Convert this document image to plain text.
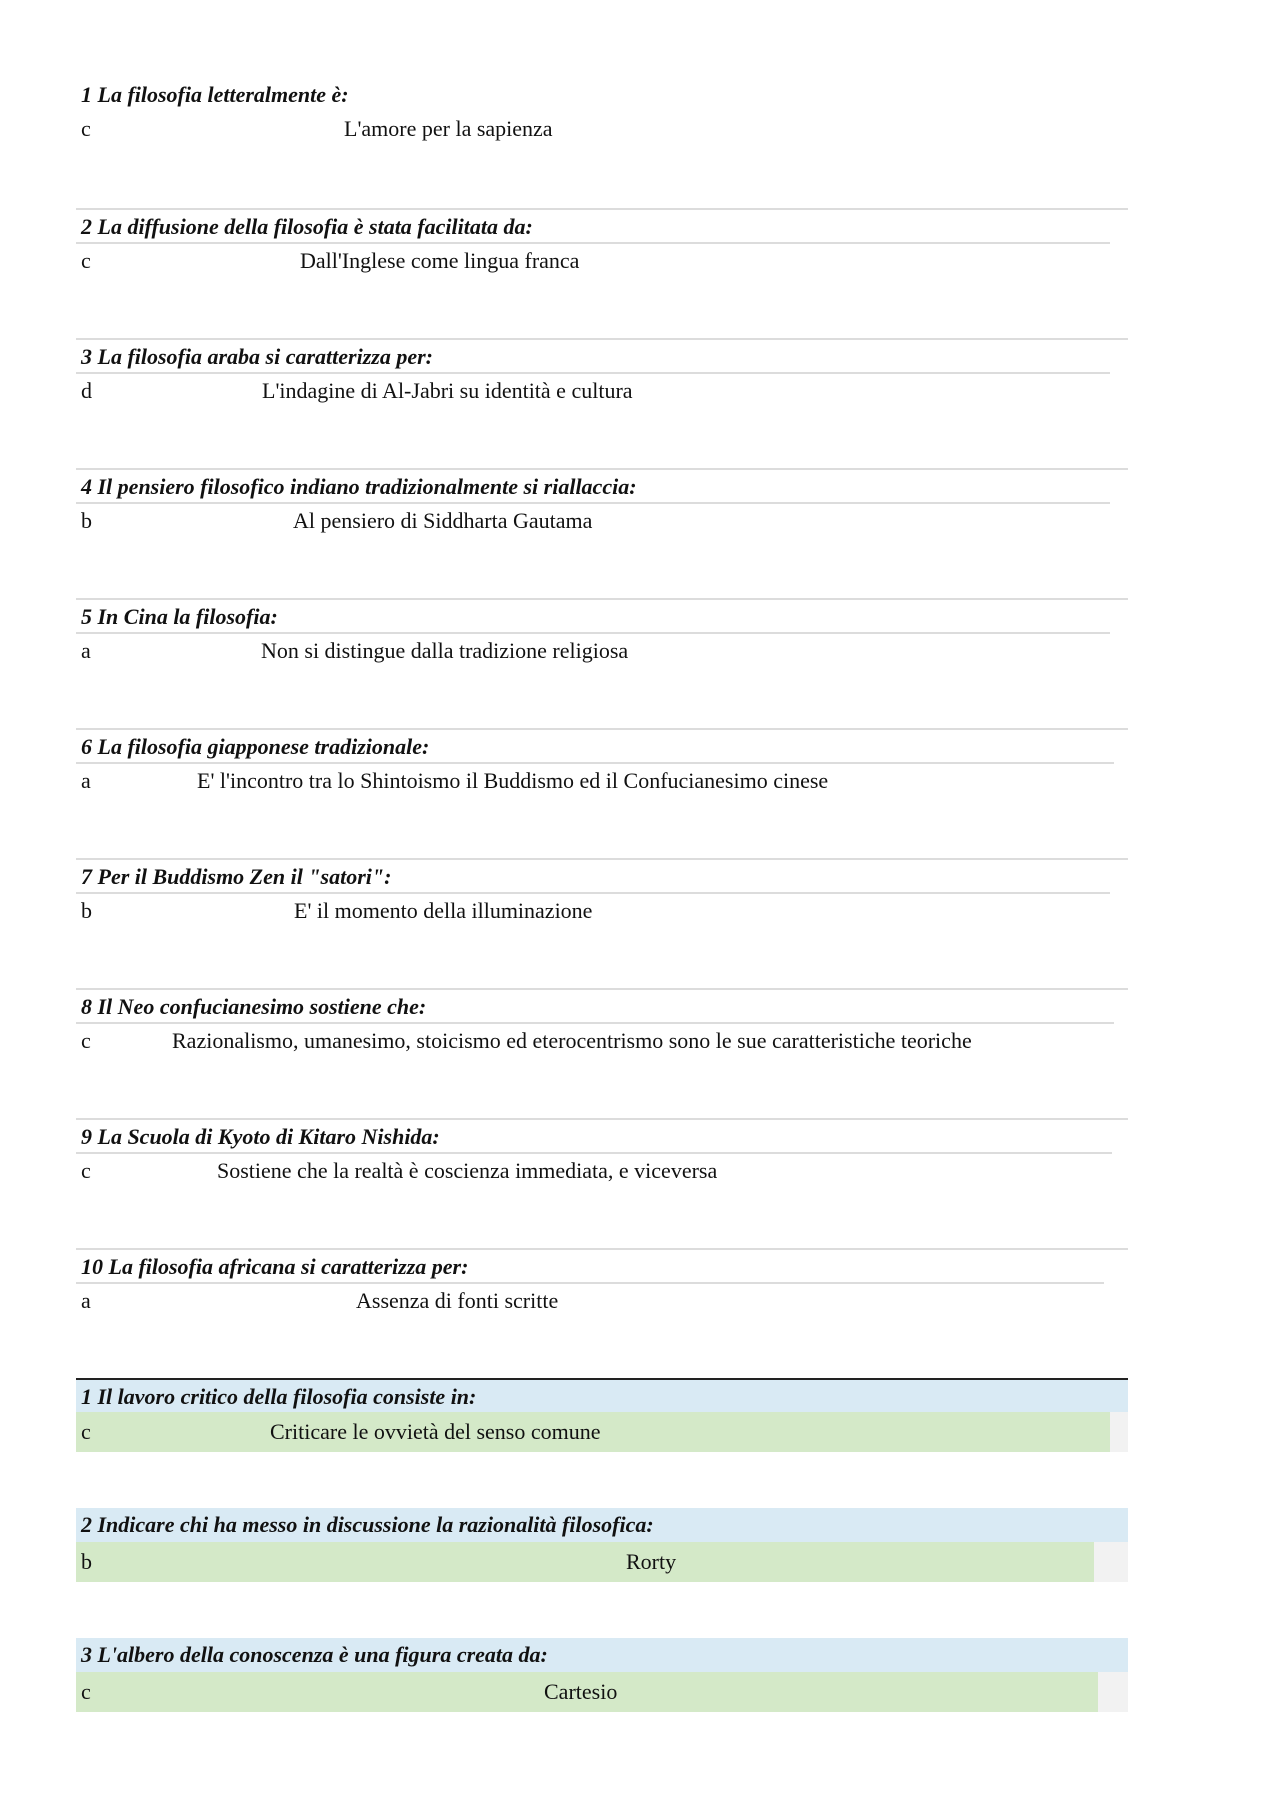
1 La filosofia letteralmente è:
c	L'amore per la sapienza
2 La diffusione della filosofia è stata facilitata da:
c	Dall'Inglese come lingua franca
3 La filosofia araba si caratterizza per:
d	L'indagine di Al-Jabri su identità e cultura
4 Il pensiero filosofico indiano tradizionalmente si riallaccia:
b	Al pensiero di Siddharta Gautama
5 In Cina la filosofia:
a	Non si distingue dalla tradizione religiosa
6 La filosofia giapponese tradizionale:
a	E' l'incontro tra lo Shintoismo il Buddismo ed il Confucianesimo cinese
7 Per il Buddismo Zen il "satori":
b	E' il momento della illuminazione
8 Il Neo confucianesimo sostiene che:
c	Razionalismo, umanesimo, stoicismo ed eterocentrismo sono le sue caratteristiche teoriche
9 La Scuola di Kyoto di Kitaro Nishida:
c	Sostiene che la realtà è coscienza immediata, e viceversa
10 La filosofia africana si caratterizza per:
a	Assenza di fonti scritte
1 Il lavoro critico della filosofia consiste in:
c	Criticare le ovvietà del senso comune
2 Indicare chi ha messo in discussione la razionalità filosofica:
b	Rorty
3 L'albero della conoscenza è una figura creata da:
c	Cartesio
